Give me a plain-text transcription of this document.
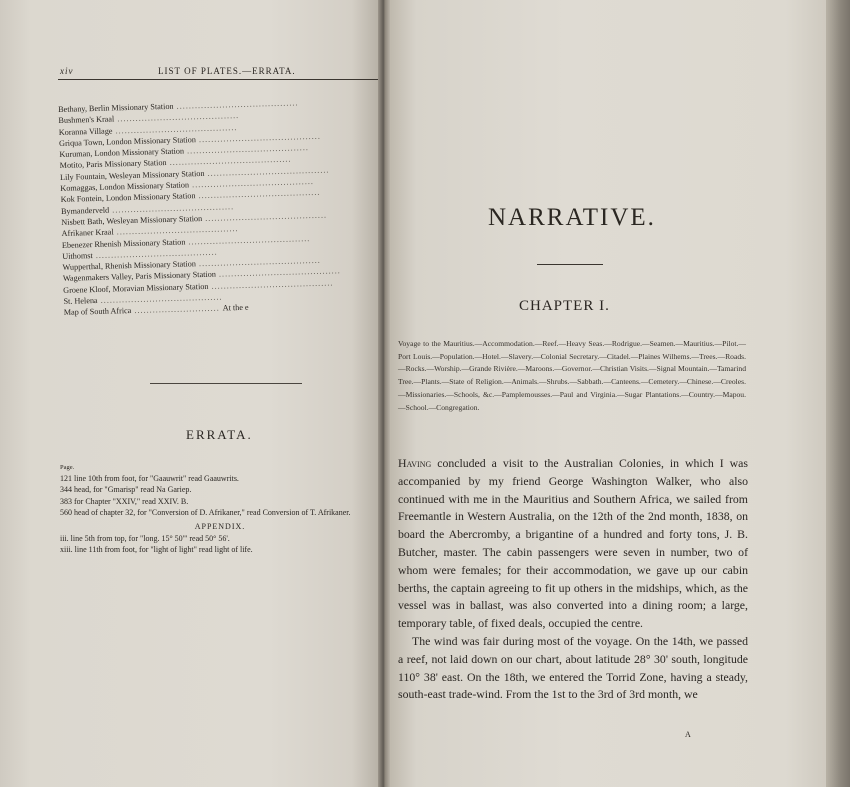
xiv	LIST OF PLATES.—ERRATA.
Bethany, Berlin Missionary Station ........................................
Bushmen's Kraal ........................................
Koranna Village ........................................
Griqua Town, London Missionary Station ........................................
Kuruman, London Missionary Station ........................................
Motito, Paris Missionary Station ........................................
Lily Fountain, Wesleyan Missionary Station ........................................
Komaggas, London Missionary Station ........................................
Kok Fontein, London Missionary Station ........................................
Bymanderveld ........................................
Nisbett Bath, Wesleyan Missionary Station ........................................
Afrikaner Kraal ........................................
Ebenezer Rhenish Missionary Station ........................................
Uithomst ........................................
Wupperthal, Rhenish Missionary Station ........................................
Wagenmakers Valley, Paris Missionary Station ........................................
Groene Kloof, Moravian Missionary Station ........................................
St. Helena ........................................
Map of South Africa ............................ At the e
ERRATA.
Page.
121 line 10th from foot, for "Gaauwrit" read Gaauwrits.
344 head, for "Gmarisp" read Na Gariep.
383 for Chapter "XXIV," read XXIV. B.
560 head of chapter 32, for "Conversion of D. Afrikaner," read Conversion of T. Afrikaner.
APPENDIX.
iii. line 5th from top, for "long. 15° 50'" read 50° 56'.
xiii. line 11th from foot, for "light of light" read light of life.
NARRATIVE.
CHAPTER I.
Voyage to the Mauritius.—Accommodation.—Reef.—Heavy Seas.—Rodrigue.—Seamen.—Mauritius.—Pilot.—Port Louis.—Population.—Hotel.—Slavery.—Colonial Secretary.—Citadel.—Plaines Wilhems.—Trees.—Roads.—Rocks.—Worship.—Grande Rivière.—Maroons.—Governor.—Christian Visits.—Signal Mountain.—Tamarind Tree.—Plants.—State of Religion.—Animals.—Shrubs.—Sabbath.—Canteens.—Cemetery.—Chinese.—Creoles.—Missionaries.—Schools, &c.—Pamplemousses.—Paul and Virginia.—Sugar Plantations.—Country.—Mapou.—School.—Congregation.

Having concluded a visit to the Australian Colonies, in which I was accompanied by my friend George Washington Walker, who also continued with me in the Mauritius and Southern Africa, we sailed from Freemantle in Western Australia, on the 12th of the 2nd month, 1838, on board the Abercromby, a brigantine of a hundred and forty tons, J. B. Butcher, master. The cabin passengers were seven in number, two of whom were females; for their accommodation, we gave up our cabin berths, the captain agreeing to fit up others in the midships, which, as the vessel was in ballast, was also converted into a dining room; a large, temporary table, of fixed deals, occupied the centre.

The wind was fair during most of the voyage. On the 14th, we passed a reef, not laid down on our chart, about latitude 28° 30' south, longitude 110° 38' east. On the 18th, we entered the Torrid Zone, having a steady, south-east trade-wind. From the 1st to the 3rd of 3rd month, we

A
